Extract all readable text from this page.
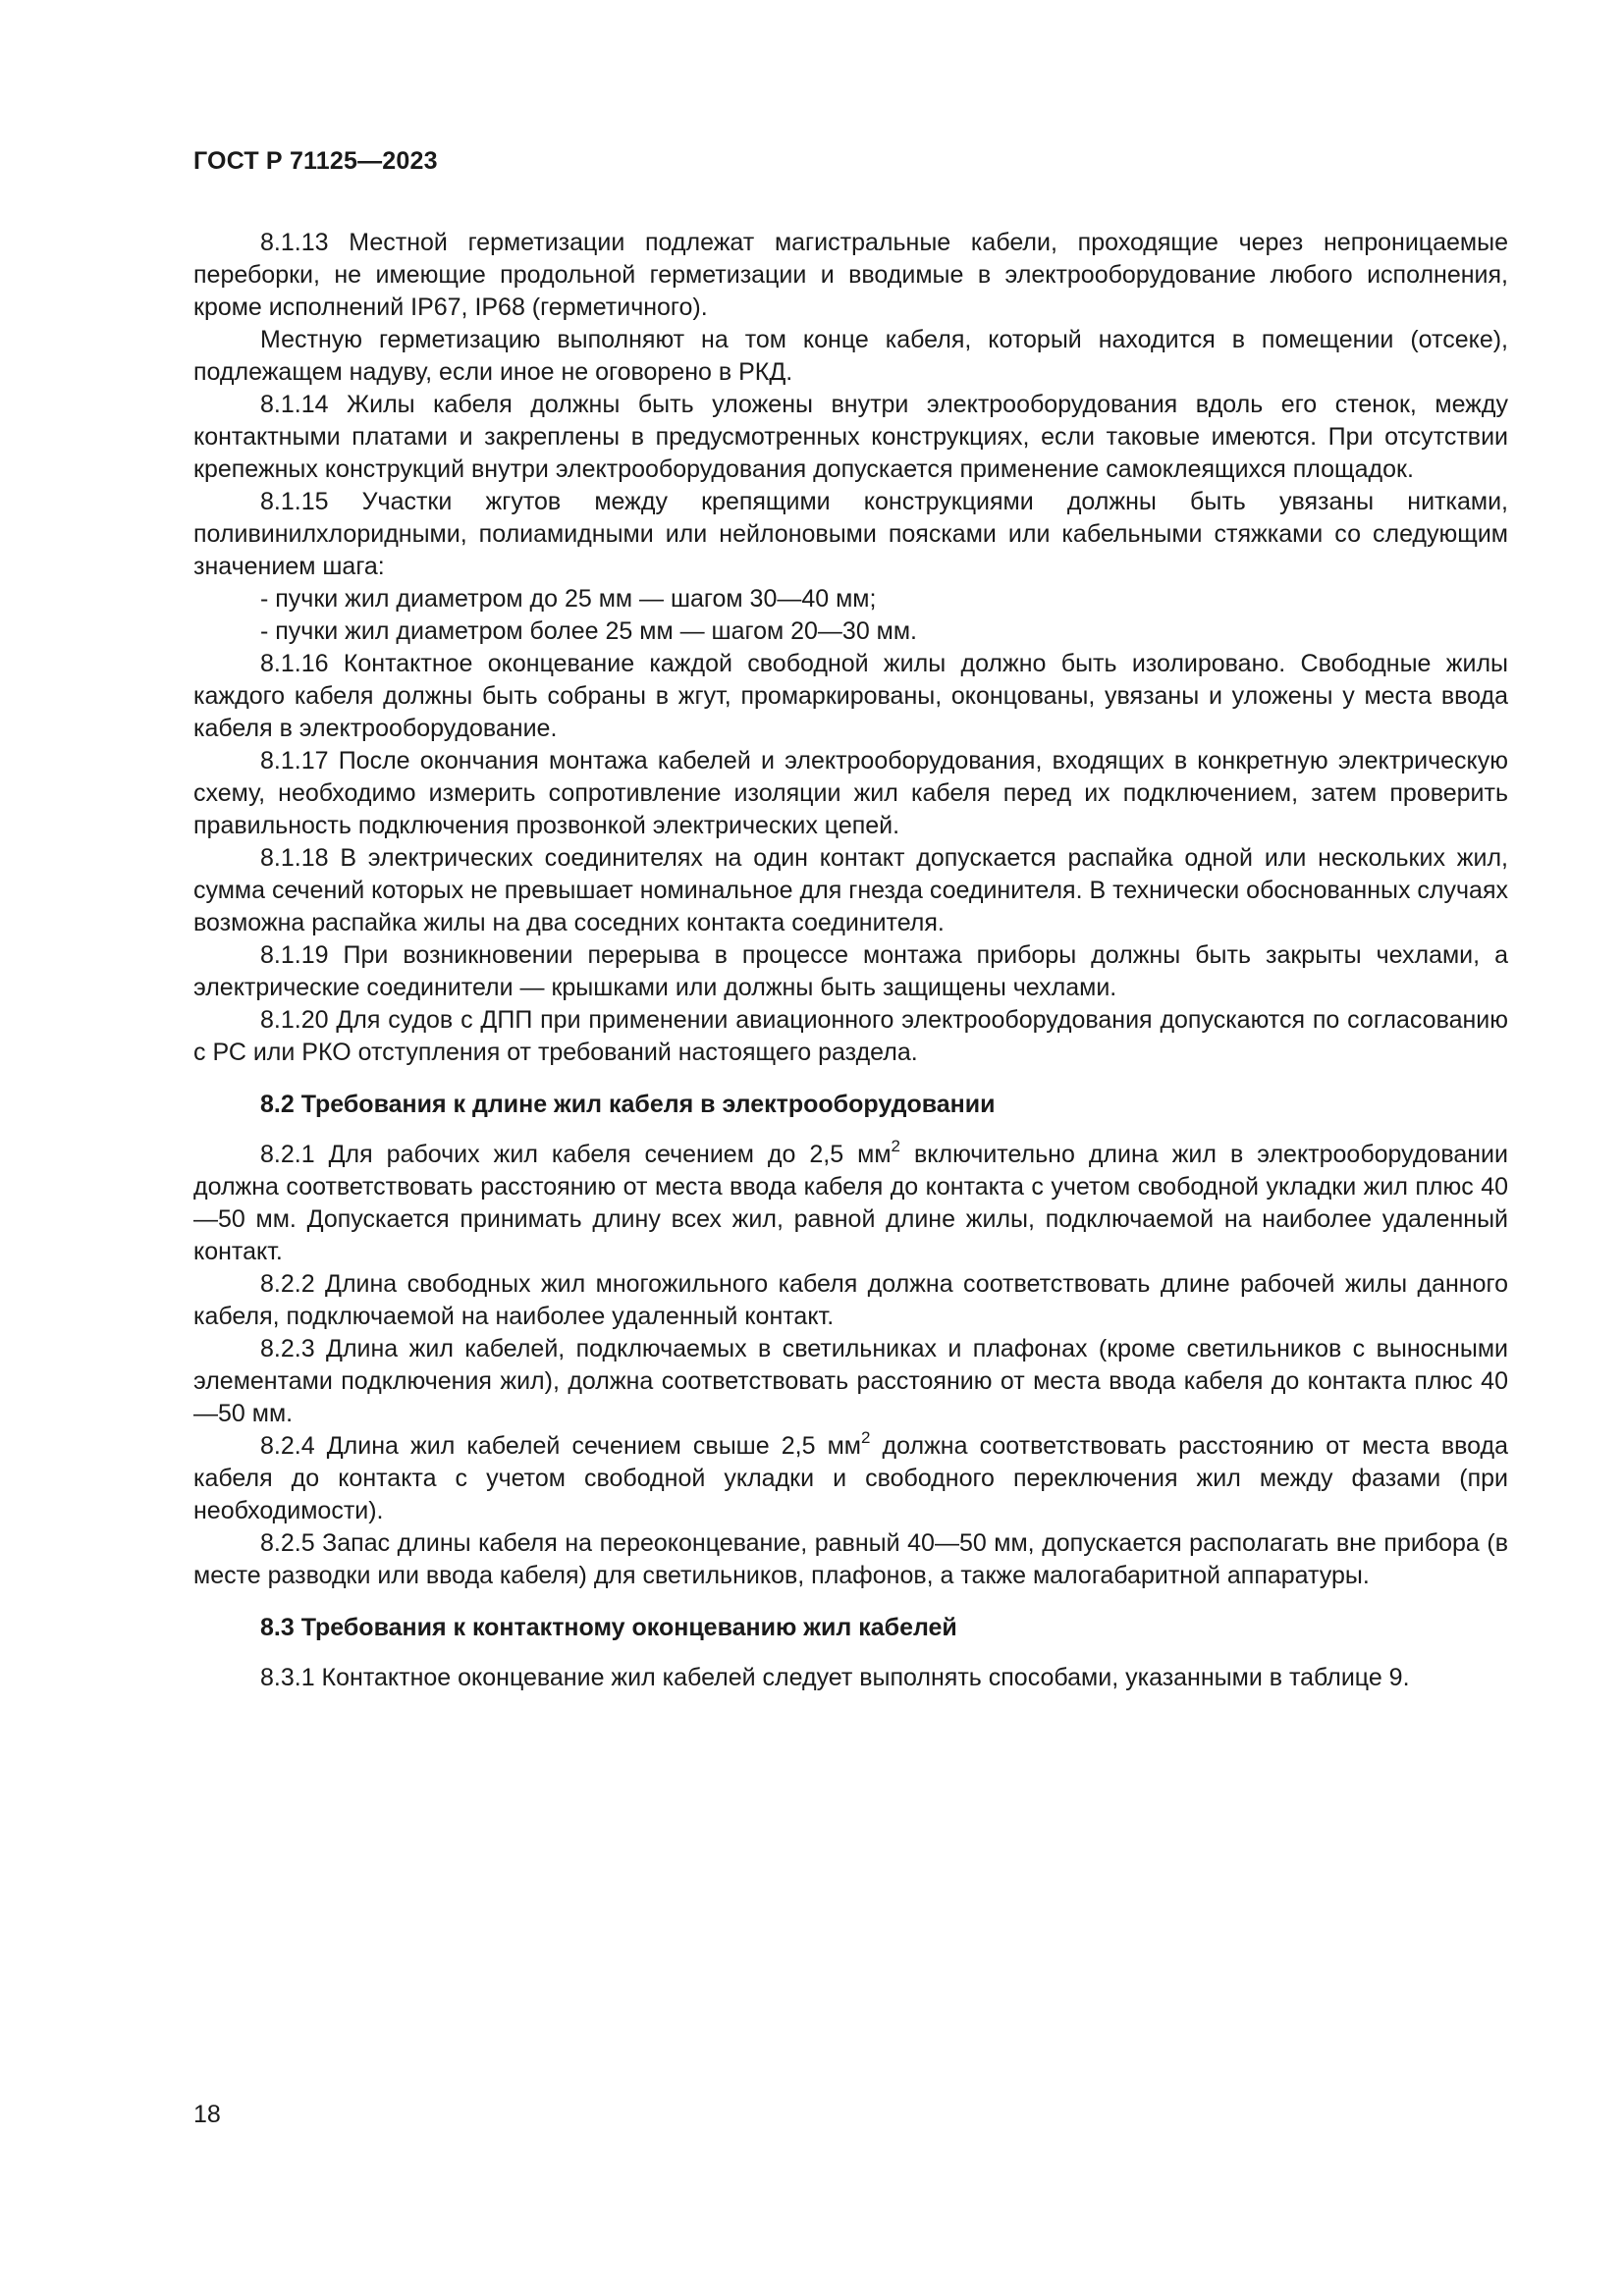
ГОСТ Р 71125—2023

8.1.13 Местной герметизации подлежат магистральные кабели, проходящие через непроницаемые переборки, не имеющие продольной герметизации и вводимые в электрооборудование любого исполнения, кроме исполнений IP67, IP68 (герметичного).

Местную герметизацию выполняют на том конце кабеля, который находится в помещении (отсеке), подлежащем надуву, если иное не оговорено в РКД.

8.1.14 Жилы кабеля должны быть уложены внутри электрооборудования вдоль его стенок, между контактными платами и закреплены в предусмотренных конструкциях, если таковые имеются. При отсутствии крепежных конструкций внутри электрооборудования допускается применение самоклеящихся площадок.

8.1.15 Участки жгутов между крепящими конструкциями должны быть увязаны нитками, поливинилхлоридными, полиамидными или нейлоновыми поясками или кабельными стяжками со следующим значением шага:

- пучки жил диаметром до 25 мм — шагом 30—40 мм;

- пучки жил диаметром более 25 мм — шагом 20—30 мм.

8.1.16 Контактное оконцевание каждой свободной жилы должно быть изолировано. Свободные жилы каждого кабеля должны быть собраны в жгут, промаркированы, оконцованы, увязаны и уложены у места ввода кабеля в электрооборудование.

8.1.17 После окончания монтажа кабелей и электрооборудования, входящих в конкретную электрическую схему, необходимо измерить сопротивление изоляции жил кабеля перед их подключением, затем проверить правильность подключения прозвонкой электрических цепей.

8.1.18 В электрических соединителях на один контакт допускается распайка одной или нескольких жил, сумма сечений которых не превышает номинальное для гнезда соединителя. В технически обоснованных случаях возможна распайка жилы на два соседних контакта соединителя.

8.1.19 При возникновении перерыва в процессе монтажа приборы должны быть закрыты чехлами, а электрические соединители — крышками или должны быть защищены чехлами.

8.1.20 Для судов с ДПП при применении авиационного электрооборудования допускаются по согласованию с РС или РКО отступления от требований настоящего раздела.

8.2 Требования к длине жил кабеля в электрооборудовании

8.2.1 Для рабочих жил кабеля сечением до 2,5 $мм^2$ включительно длина жил в электрооборудовании должна соответствовать расстоянию от места ввода кабеля до контакта с учетом свободной укладки жил плюс 40—50 мм. Допускается принимать длину всех жил, равной длине жилы, подключаемой на наиболее удаленный контакт.

8.2.2 Длина свободных жил многожильного кабеля должна соответствовать длине рабочей жилы данного кабеля, подключаемой на наиболее удаленный контакт.

8.2.3 Длина жил кабелей, подключаемых в светильниках и плафонах (кроме светильников с выносными элементами подключения жил), должна соответствовать расстоянию от места ввода кабеля до контакта плюс 40—50 мм.

8.2.4 Длина жил кабелей сечением свыше 2,5 $мм^2$ должна соответствовать расстоянию от места ввода кабеля до контакта с учетом свободной укладки и свободного переключения жил между фазами (при необходимости).

8.2.5 Запас длины кабеля на переоконцевание, равный 40—50 мм, допускается располагать вне прибора (в месте разводки или ввода кабеля) для светильников, плафонов, а также малогабаритной аппаратуры.

8.3 Требования к контактному оконцеванию жил кабелей

8.3.1 Контактное оконцевание жил кабелей следует выполнять способами, указанными в таблице 9.

18
